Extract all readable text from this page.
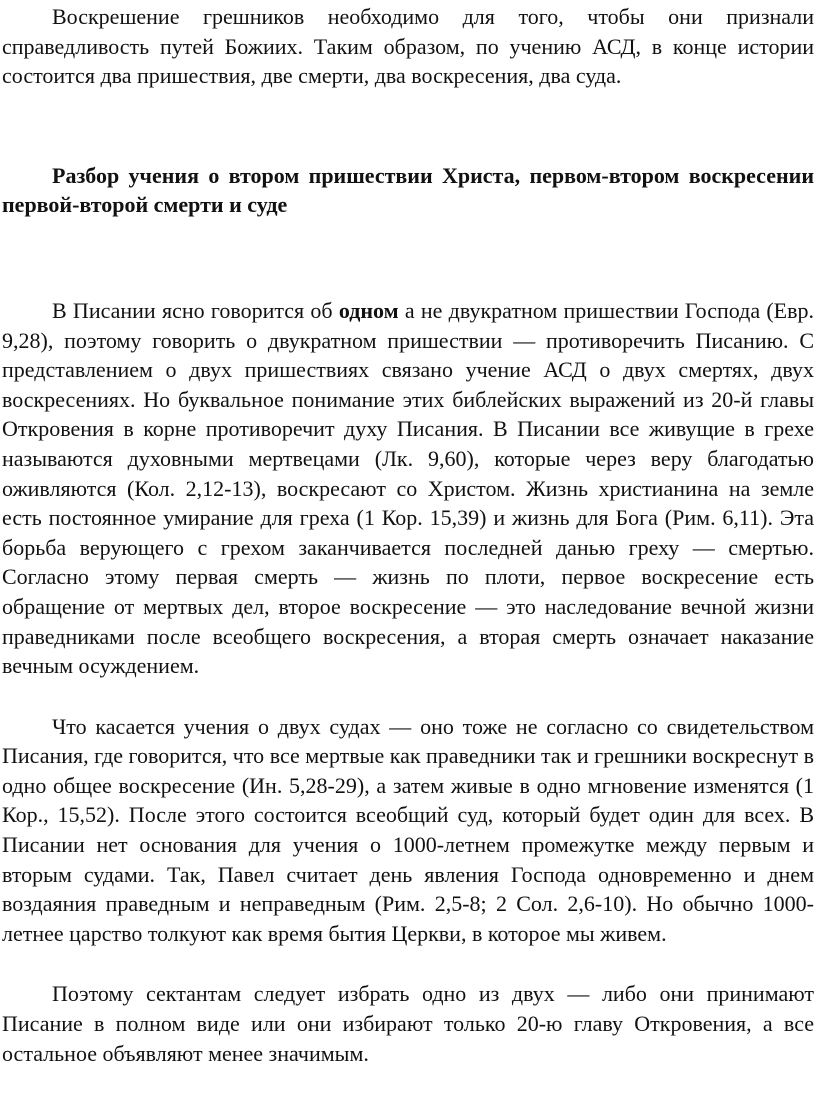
Воскрешение грешников необходимо для того, чтобы они признали справедливость путей Божиих. Таким образом, по учению АСД, в конце истории состоится два пришествия, две смерти, два воскресения, два суда.

Разбор учения о втором пришествии Христа, первом-втором воскресении первой-второй смерти и суде

В Писании ясно говорится об одном а не двукратном пришествии Господа (Евр. 9,28), поэтому говорить о двукратном пришествии — противоречить Писанию. С представлением о двух пришествиях связано учение АСД о двух смертях, двух воскресениях. Но буквальное понимание этих библейских выражений из 20-й главы Откровения в корне противоречит духу Писания. В Писании все живущие в грехе называются духовными мертвецами (Лк. 9,60), которые через веру благодатью оживляются (Кол. 2,12-13), воскресают со Христом. Жизнь христианина на земле есть постоянное умирание для греха (1 Кор. 15,39) и жизнь для Бога (Рим. 6,11). Эта борьба верующего с грехом заканчивается последней данью греху — смертью. Согласно этому первая смерть — жизнь по плоти, первое воскресение есть обращение от мертвых дел, второе воскресение — это наследование вечной жизни праведниками после всеобщего воскресения, а вторая смерть означает наказание вечным осуждением.

Что касается учения о двух судах — оно тоже не согласно со свидетельством Писания, где говорится, что все мертвые как праведники так и грешники воскреснут в одно общее воскресение (Ин. 5,28-29), а затем живые в одно мгновение изменятся (1 Кор., 15,52). После этого состоится всеобщий суд, который будет один для всех. В Писании нет основания для учения о 1000-летнем промежутке между первым и вторым судами. Так, Павел считает день явления Господа одновременно и днем воздаяния праведным и неправедным (Рим. 2,5-8; 2 Сол. 2,6-10). Но обычно 1000-летнее царство толкуют как время бытия Церкви, в которое мы живем.

Поэтому сектантам следует избрать одно из двух — либо они принимают Писание в полном виде или они избирают только 20-ю главу Откровения, а все остальное объявляют менее значимым.
